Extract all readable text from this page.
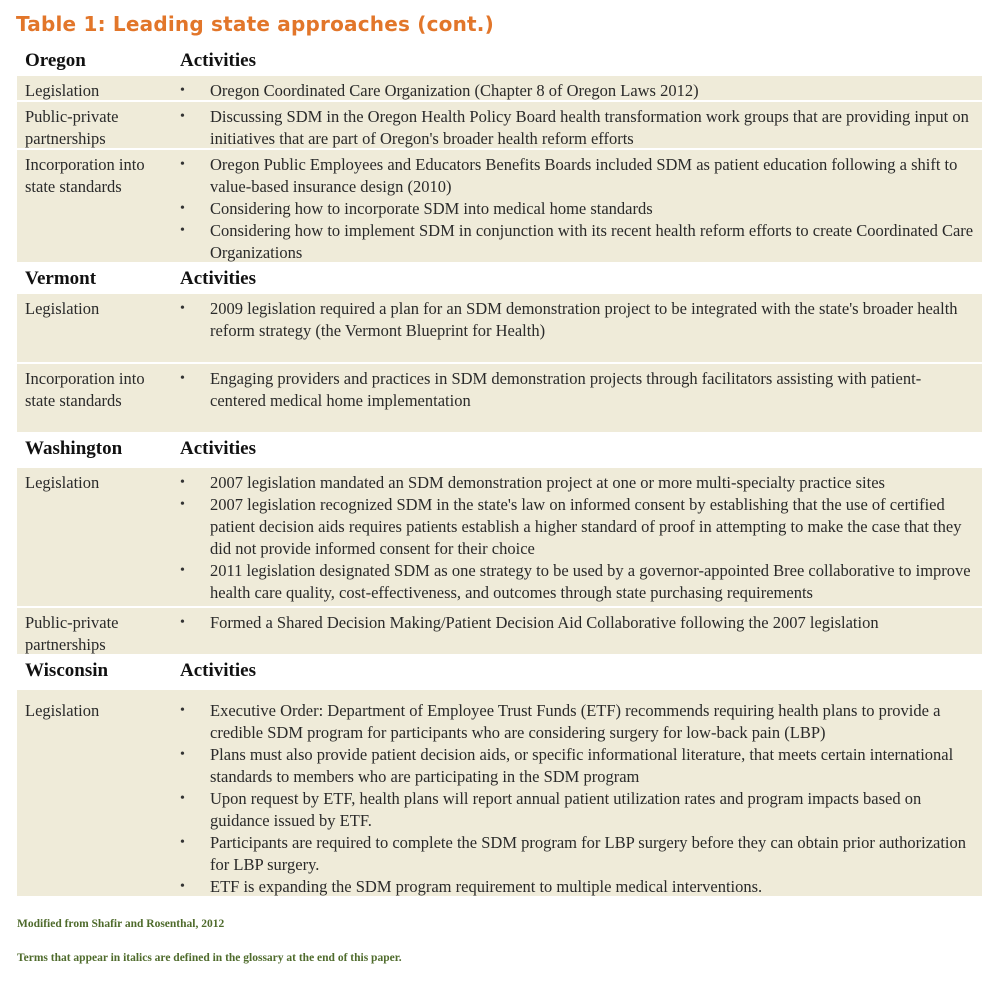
Table 1: Leading state approaches (cont.)
Oregon	Activities
Legislation	• Oregon Coordinated Care Organization (Chapter 8 of Oregon Laws 2012)
Public-private partnerships
• Discussing SDM in the Oregon Health Policy Board health transformation work groups that are providing input on initiatives that are part of Oregon's broader health reform efforts
Incorporation into state standards
• Oregon Public Employees and Educators Benefits Boards included SDM as patient education following a shift to value-based insurance design (2010)
• Considering how to incorporate SDM into medical home standards
• Considering how to implement SDM in conjunction with its recent health reform efforts to create Coordinated Care Organizations
Vermont	Activities
Legislation	• 2009 legislation required a plan for an SDM demonstration project to be integrated with the state's broader health reform strategy (the Vermont Blueprint for Health)
Incorporation into state standards
• Engaging providers and practices in SDM demonstration projects through facilitators assisting with patient-centered medical home implementation
Washington	Activities
Legislation	• 2007 legislation mandated an SDM demonstration project at one or more multi-specialty practice sites
• 2007 legislation recognized SDM in the state's law on informed consent by establishing that the use of certified patient decision aids requires patients establish a higher standard of proof in attempting to make the case that they did not provide informed consent for their choice
• 2011 legislation designated SDM as one strategy to be used by a governor-appointed Bree collaborative to improve health care quality, cost-effectiveness, and outcomes through state purchasing requirements
Public-private partnerships
• Formed a Shared Decision Making/Patient Decision Aid Collaborative following the 2007 legislation
Wisconsin	Activities
Legislation	• Executive Order: Department of Employee Trust Funds (ETF) recommends requiring health plans to provide a credible SDM program for participants who are considering surgery for low-back pain (LBP)
• Plans must also provide patient decision aids, or specific informational literature, that meets certain international standards to members who are participating in the SDM program
• Upon request by ETF, health plans will report annual patient utilization rates and program impacts based on guidance issued by ETF.
• Participants are required to complete the SDM program for LBP surgery before they can obtain prior authorization for LBP surgery.
• ETF is expanding the SDM program requirement to multiple medical interventions.
Modified from Shafir and Rosenthal, 2012
Terms that appear in italics are defined in the glossary at the end of this paper.
